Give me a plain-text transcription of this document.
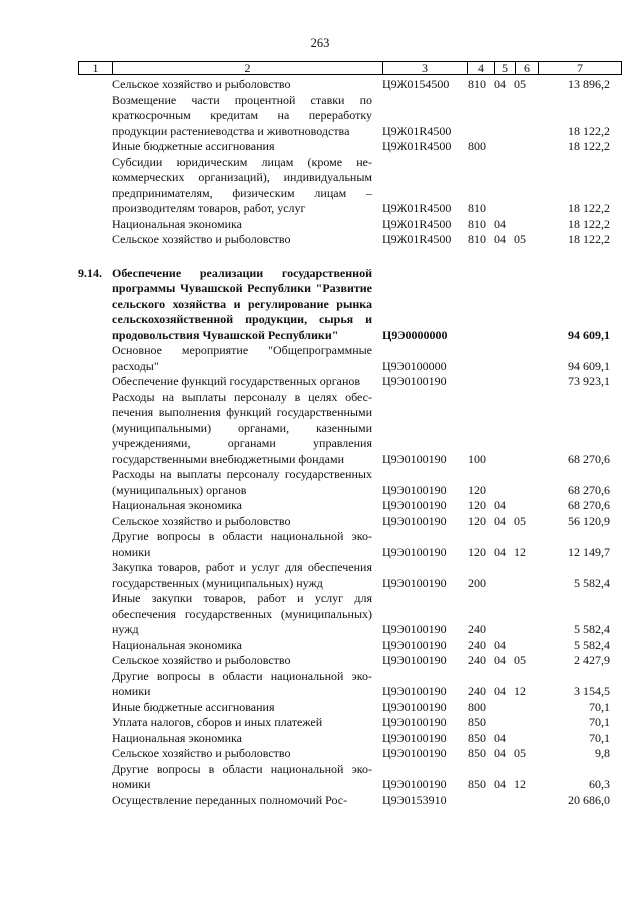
263
1	2	3	4	5	6	7
Сельское хозяйство и рыболовство	Ц9Ж0154500 810 04 05	13 896,2
Возмещение части процентной ставки по краткосрочным кредитам на переработку продукции растениеводства и животноводства	Ц9Ж01R4500	18 122,2
Иные бюджетные ассигнования	Ц9Ж01R4500 800	18 122,2
Субсидии юридическим лицам (кроме некоммерческих организаций), индивидуальным предпринимателям, физическим лицам – производителям товаров, работ, услуг	Ц9Ж01R4500 810	18 122,2
Национальная экономика	Ц9Ж01R4500 810 04	18 122,2
Сельское хозяйство и рыболовство	Ц9Ж01R4500 810 04 05	18 122,2
9.14. Обеспечение реализации государственной программы Чувашской Республики "Развитие сельского хозяйства и регулирование рынка сельскохозяйственной продукции, сырья и продовольствия Чувашской Республики"	Ц9Э0000000	94 609,1
Основное мероприятие "Общепрограммные расходы"	Ц9Э0100000	94 609,1
Обеспечение функций государственных органов	Ц9Э0100190	73 923,1
Расходы на выплаты персоналу в целях обеспечения выполнения функций государственными (муниципальными) органами, казенными учреждениями, органами управления государственными внебюджетными фондами	Ц9Э0100190 100	68 270,6
Расходы на выплаты персоналу государственных (муниципальных) органов	Ц9Э0100190 120	68 270,6
Национальная экономика	Ц9Э0100190 120 04	68 270,6
Сельское хозяйство и рыболовство	Ц9Э0100190 120 04 05	56 120,9
Другие вопросы в области национальной экономики	Ц9Э0100190 120 04 12	12 149,7
Закупка товаров, работ и услуг для обеспечения государственных (муниципальных) нужд	Ц9Э0100190 200	5 582,4
Иные закупки товаров, работ и услуг для обеспечения государственных (муниципальных) нужд	Ц9Э0100190 240	5 582,4
Национальная экономика	Ц9Э0100190 240 04	5 582,4
Сельское хозяйство и рыболовство	Ц9Э0100190 240 04 05	2 427,9
Другие вопросы в области национальной экономики	Ц9Э0100190 240 04 12	3 154,5
Иные бюджетные ассигнования	Ц9Э0100190 800	70,1
Уплата налогов, сборов и иных платежей	Ц9Э0100190 850	70,1
Национальная экономика	Ц9Э0100190 850 04	70,1
Сельское хозяйство и рыболовство	Ц9Э0100190 850 04 05	9,8
Другие вопросы в области национальной экономики	Ц9Э0100190 850 04 12	60,3
Осуществление переданных полномочий Рос-	Ц9Э0153910	20 686,0
